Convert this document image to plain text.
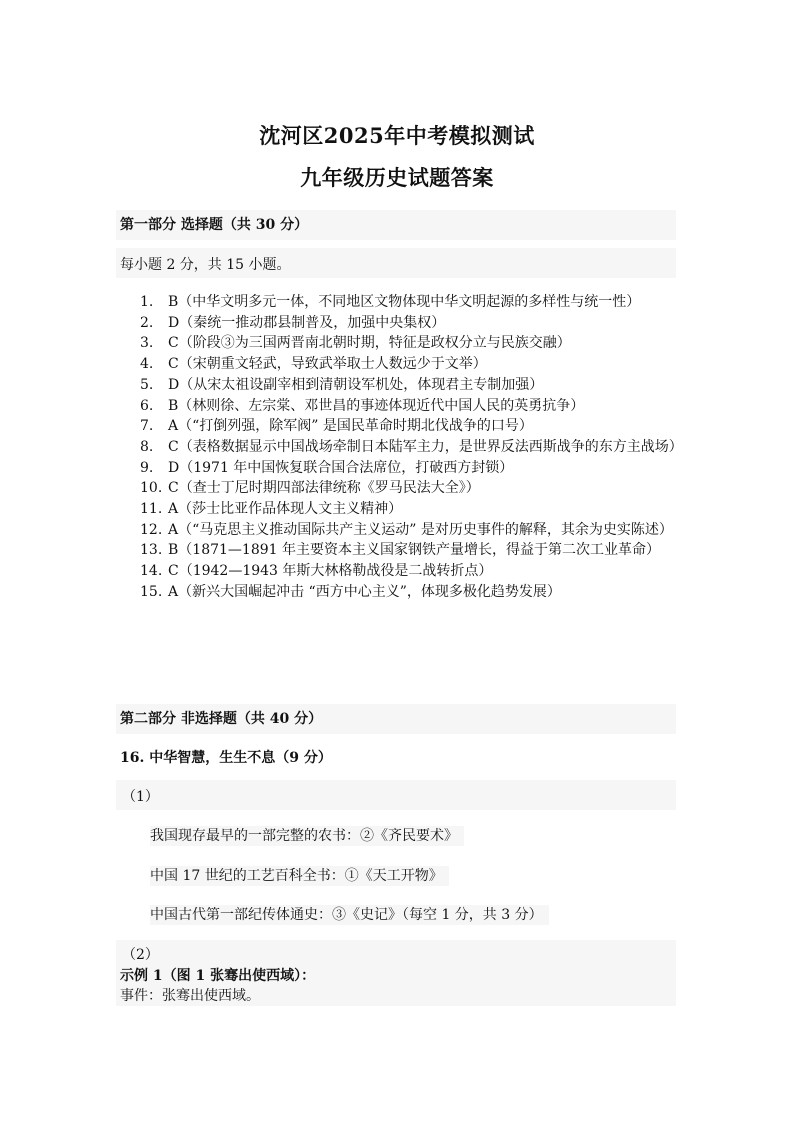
沈河区2025年中考模拟测试
九年级历史试题答案
第一部分 选择题（共 30 分）
每小题 2 分，共 15 小题。
1. B（中华文明多元一体，不同地区文物体现中华文明起源的多样性与统一性）
2. D（秦统一推动郡县制普及，加强中央集权）
3. C（阶段③为三国两晋南北朝时期，特征是政权分立与民族交融）
4. C（宋朝重文轻武，导致武举取士人数远少于文举）
5. D（从宋太祖设副宰相到清朝设军机处，体现君主专制加强）
6. B（林则徐、左宗棠、邓世昌的事迹体现近代中国人民的英勇抗争）
7. A（“打倒列强，除军阀” 是国民革命时期北伐战争的口号）
8. C（表格数据显示中国战场牵制日本陆军主力，是世界反法西斯战争的东方主战场）
9. D（1971 年中国恢复联合国合法席位，打破西方封锁）
10. C（查士丁尼时期四部法律统称《罗马民法大全》）
11. A（莎士比亚作品体现人文主义精神）
12. A（“马克思主义推动国际共产主义运动” 是对历史事件的解释，其余为史实陈述）
13. B（1871—1891 年主要资本主义国家钢铁产量增长，得益于第二次工业革命）
14. C（1942—1943 年斯大林格勒战役是二战转折点）
15. A（新兴大国崛起冲击 “西方中心主义”，体现多极化趋势发展）
第二部分 非选择题（共 40 分）
16. 中华智慧，生生不息（9 分）
（1）
我国现存最早的一部完整的农书：②《齐民要术》
中国 17 世纪的工艺百科全书：①《天工开物》
中国古代第一部纪传体通史：③《史记》（每空 1 分，共 3 分）
（2）
示例 1（图 1 张骞出使西域）：
事件：张骞出使西域。
